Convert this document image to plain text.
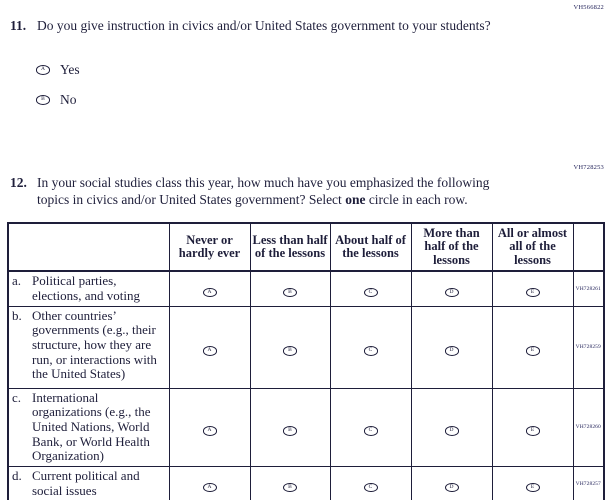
VH566822
11. Do you give instruction in civics and/or United States government to your students?
A	Yes
B	No
VH728253
12. In your social studies class this year, how much have you emphasized the following topics in civics and/or United States government? Select one circle in each row.
	Never or hardly ever	Less than half of the lessons	About half of the lessons	More than half of the lessons	All or almost all of the lessons	

a. Political parties, elections, and voting	A	B	C	D	E	VH728261

b. Other countries’ governments (e.g., their structure, how they are run, or interactions with the United States)	A	B	C	D	E	VH728259

c. International organizations (e.g., the United Nations, World Bank, or World Health Organization)	A	B	C	D	E	VH728260

d. Current political and social issues	A	B	C	D	E	VH728257
